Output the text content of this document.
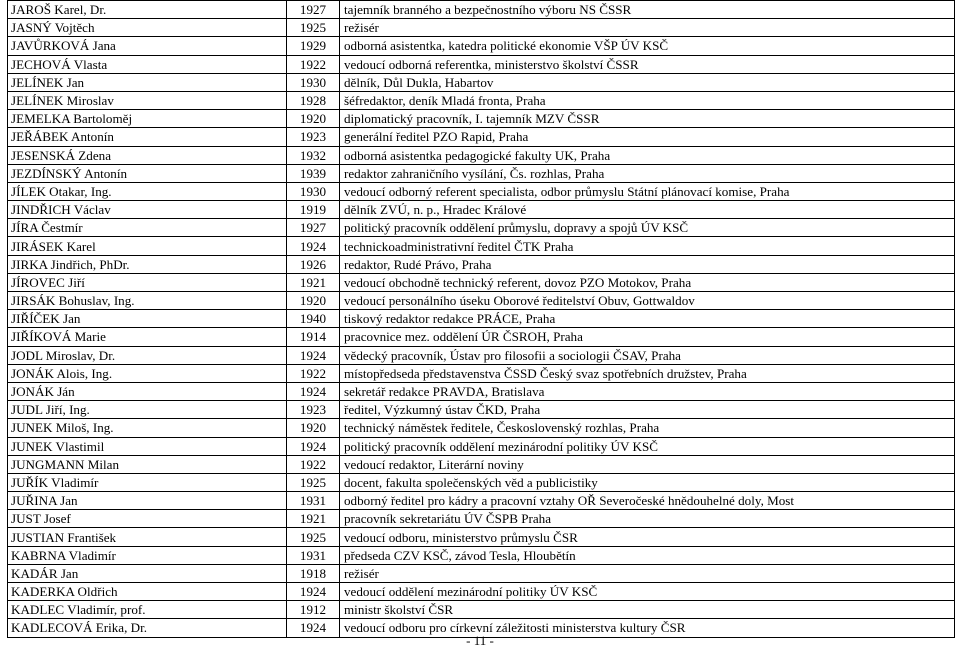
JAROŠ Karel, Dr.	1927	tajemník branného a bezpečnostního výboru NS ČSSR
JASNÝ Vojtěch	1925	režisér
JAVŮRKOVÁ Jana	1929	odborná asistentka, katedra politické ekonomie VŠP ÚV KSČ
JECHOVÁ Vlasta	1922	vedoucí odborná referentka, ministerstvo školství ČSSR
JELÍNEK Jan	1930	dělník, Důl Dukla, Habartov
JELÍNEK Miroslav	1928	šéfredaktor, deník Mladá fronta, Praha
JEMELKA Bartoloměj	1920	diplomatický pracovník, I. tajemník MZV ČSSR
JEŘÁBEK Antonín	1923	generální ředitel PZO Rapid, Praha
JESENSKÁ Zdena	1932	odborná asistentka pedagogické fakulty UK, Praha
JEZDÍNSKÝ Antonín	1939	redaktor zahraničního vysílání, Čs. rozhlas, Praha
JÍLEK Otakar, Ing.	1930	vedoucí odborný referent specialista, odbor průmyslu Státní plánovací komise, Praha
JINDŘICH Václav	1919	dělník ZVÚ, n. p., Hradec Králové
JÍRA Čestmír	1927	politický pracovník oddělení průmyslu, dopravy a spojů ÚV KSČ
JIRÁSEK Karel	1924	technickoadministrativní ředitel ČTK Praha
JIRKA Jindřich, PhDr.	1926	redaktor, Rudé Právo, Praha
JÍROVEC Jiří	1921	vedoucí obchodně technický referent, dovoz PZO Motokov, Praha
JIRSÁK Bohuslav, Ing.	1920	vedoucí personálního úseku Oborové ředitelství Obuv, Gottwaldov
JIŘÍČEK Jan	1940	tiskový redaktor redakce PRÁCE, Praha
JIŘÍKOVÁ Marie	1914	pracovnice mez. oddělení ÚR ČSROH, Praha
JODL Miroslav, Dr.	1924	vědecký pracovník, Ústav pro filosofii a sociologii ČSAV, Praha
JONÁK Alois, Ing.	1922	místopředseda představenstva ČSSD Český svaz spotřebních družstev, Praha
JONÁK Ján	1924	sekretář redakce PRAVDA, Bratislava
JUDL Jiří, Ing.	1923	ředitel, Výzkumný ústav ČKD, Praha
JUNEK Miloš, Ing.	1920	technický náměstek ředitele, Československý rozhlas, Praha
JUNEK Vlastimil	1924	politický pracovník oddělení mezinárodní politiky ÚV KSČ
JUNGMANN Milan	1922	vedoucí redaktor, Literární noviny
JUŘÍK Vladimír	1925	docent, fakulta společenských věd a publicistiky
JUŘINA Jan	1931	odborný ředitel pro kádry a pracovní vztahy OŘ Severočeské hnědouhelné doly, Most
JUST Josef	1921	pracovník sekretariátu ÚV ČSPB Praha
JUSTIAN František	1925	vedoucí odboru, ministerstvo průmyslu ČSR
KABRNA Vladimír	1931	předseda CZV KSČ, závod Tesla, Hloubětín
KADÁR Jan	1918	režisér
KADERKA Oldřich	1924	vedoucí oddělení mezinárodní politiky ÚV KSČ
KADLEC Vladimír, prof.	1912	ministr školství ČSR
KADLECOVÁ Erika, Dr.	1924	vedoucí odboru pro církevní záležitosti ministerstva kultury ČSR
- 11 -
